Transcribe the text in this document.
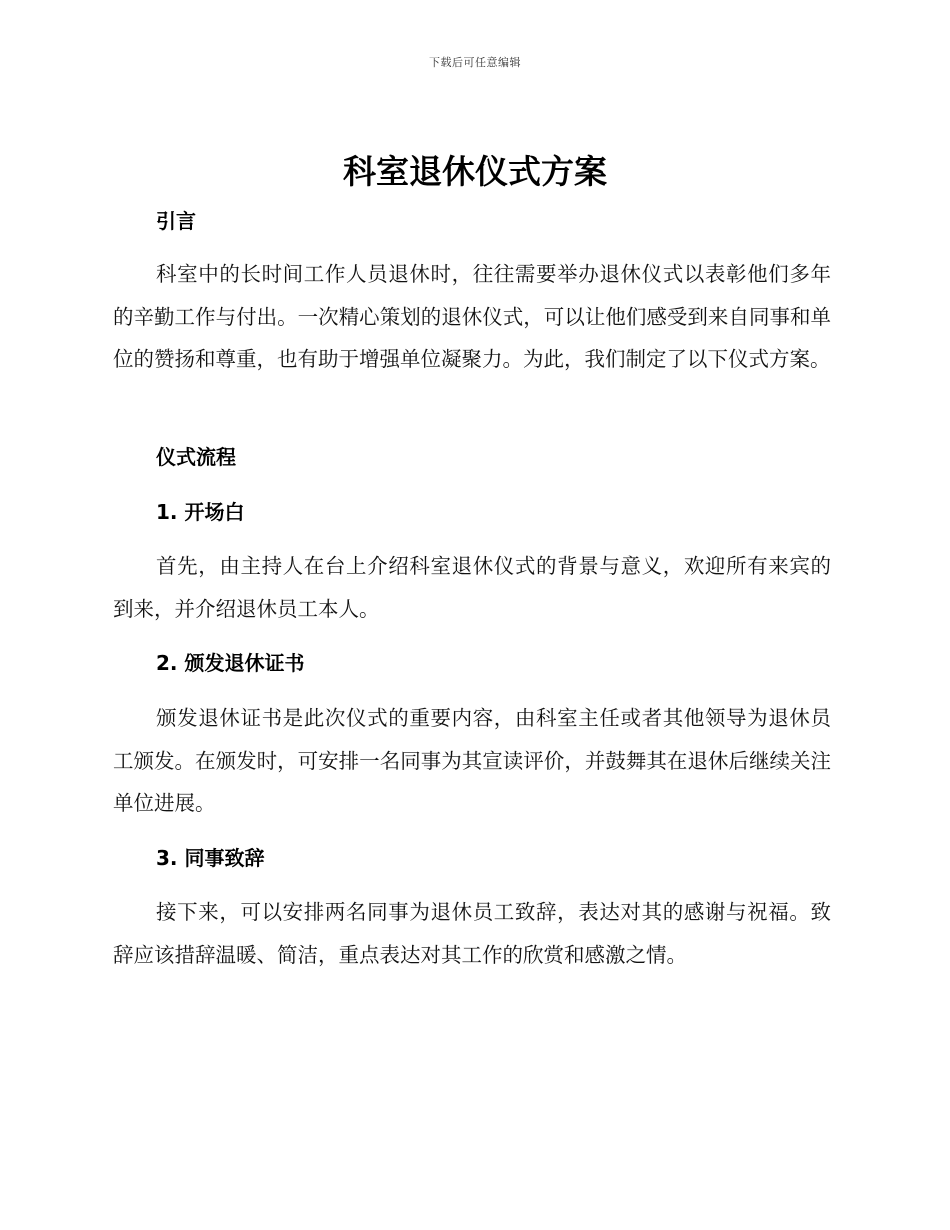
下载后可任意编辑
科室退休仪式方案
引言

科室中的长时间工作人员退休时，往往需要举办退休仪式以表彰他们多年的辛勤工作与付出。一次精心策划的退休仪式，可以让他们感受到来自同事和单位的赞扬和尊重，也有助于增强单位凝聚力。为此，我们制定了以下仪式方案。

仪式流程
1. 开场白

首先，由主持人在台上介绍科室退休仪式的背景与意义，欢迎所有来宾的到来，并介绍退休员工本人。

2. 颁发退休证书

颁发退休证书是此次仪式的重要内容，由科室主任或者其他领导为退休员工颁发。在颁发时，可安排一名同事为其宣读评价，并鼓舞其在退休后继续关注单位进展。

3. 同事致辞

接下来，可以安排两名同事为退休员工致辞，表达对其的感谢与祝福。致辞应该措辞温暖、简洁，重点表达对其工作的欣赏和感激之情。
